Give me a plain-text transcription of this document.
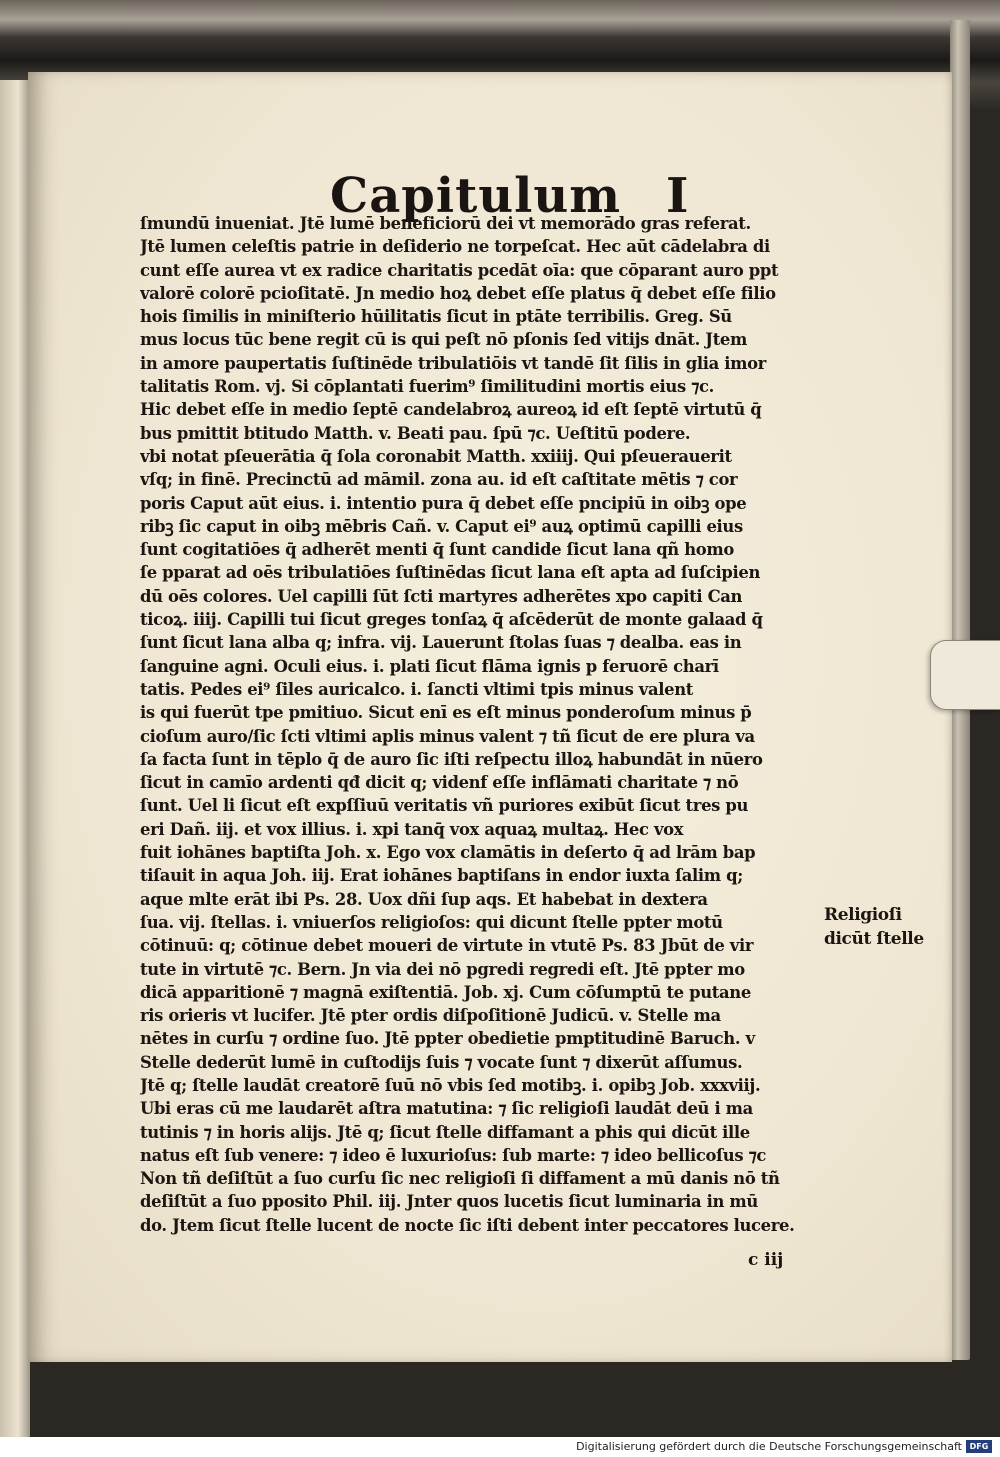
Capitulum I
ſmundū inueniat. Jtē lumē beneficiorū dei vt memorādo gras referat.
Jtē lumen celeſtis patrie in deſiderio ne torpeſcat. Hec aūt cādelabra di
cunt eſſe aurea vt ex radice charitatis pcedāt oīa: que cōparant auro ppt
valorē colorē pcioſitatē. Jn medio hoꝝ debet eſſe platus q̄ debet eſſe filio
hois ſimilis in miniſterio hūilitatis ſicut in ptāte terribilis. Greg. Sū
mus locus tūc bene regit cū is qui peſt nō pſonis ſed vitijs dnāt. Jtem
in amore paupertatis ſuſtinēde tribulatiōis vt tandē ſit ſilis in glia imor
talitatis Rom. vj. Si cōplantati fuerim⁹ ſimilitudini mortis eius ⁊c.
Hic debet eſſe in medio ſeptē candelabroꝝ aureoꝝ id eſt ſeptē virtutū q̄
bus pmittit btitudo Matth. v. Beati pau. ſpū ⁊c. Ueſtitū podere.
vbi notat pſeuerātia q̄ ſola coronabit Matth. xxiiij. Qui pſeuerauerit
vſq; in finē. Precinctū ad māmil. zona au. id eſt caſtitate mētis ⁊ cor
poris Caput aūt eius. i. intentio pura q̄ debet eſſe pncipiū in oibꝫ ope
ribꝫ ſic caput in oibꝫ mēbris Cañ. v. Caput ei⁹ auꝝ optimū capilli eius
ſunt cogitatiōes q̄ adherēt menti q̄ ſunt candide ſicut lana qñ homo
ſe pparat ad oēs tribulatiōes ſuſtinēdas ſicut lana eſt apta ad ſuſcipien
dū oēs colores. Uel capilli ſūt ſcti martyres adherētes xpo capiti Can
ticoꝝ. iiij. Capilli tui ſicut greges tonſaꝝ q̄ aſcēderūt de monte galaad q̄
ſunt ſicut lana alba q; infra. vij. Lauerunt ſtolas ſuas ⁊ dealba. eas in
ſanguine agni. Oculi eius. i. plati ſicut flāma ignis p feruorē charī
tatis. Pedes ei⁹ ſiles auricalco. i. ſancti vltimi tpis minus valent
is qui fuerūt tpe pmitiuo. Sicut enī es eſt minus ponderoſum minus p̄
cioſum auro/ſic ſcti vltimi aplis minus valent ⁊ tñ ſicut de ere plura va
ſa facta ſunt in tēplo q̄ de auro ſic iſti reſpectu illoꝝ habundāt in nūero
ſicut in camīo ardenti qđ dicit q; videnf eſſe inflāmati charitate ⁊ nō
ſunt. Uel li ſicut eſt expſſiuū veritatis vñ puriores exibūt ſicut tres pu
eri Dañ. iij. et vox illius. i. xpi tanq̄ vox aquaꝝ multaꝝ. Hec vox
fuit iohānes baptiſta Joh. x. Ego vox clamātis in deſerto q̄ ad lrām bap
tiſauit in aqua Joh. iij. Erat iohānes baptiſans in endor iuxta ſalim q;
aque mlte erāt ibi Ps. 28. Uox dñi ſup aqs. Et habebat in dextera
ſua. vij. ſtellas. i. vniuerſos religioſos: qui dicunt ſtelle ppter motū
cōtinuū: q; cōtinue debet moueri de virtute in vtutē Ps. 83 Jbūt de vir
tute in virtutē ⁊c. Bern. Jn via dei nō pgredi regredi eſt. Jtē ppter mo
dicā apparitionē ⁊ magnā exiſtentiā. Job. xj. Cum cōſumptū te putane
ris orieris vt lucifer. Jtē pter ordis diſpoſitionē Judicū. v. Stelle ma
nētes in curſu ⁊ ordine ſuo. Jtē ppter obedietie pmptitudinē Baruch. v
Stelle dederūt lumē in cuſtodijs ſuis ⁊ vocate ſunt ⁊ dixerūt aſſumus.
Jtē q; ſtelle laudāt creatorē ſuū nō vbis ſed motibꝫ. i. opibꝫ Job. xxxviij.
Ubi eras cū me laudarēt aſtra matutina: ⁊ ſic religioſi laudāt deū i ma
tutinis ⁊ in horis alijs. Jtē q; ſicut ſtelle diffamant a phis qui dicūt ille
natus eſt ſub venere: ⁊ ideo ē luxurioſus: ſub marte: ⁊ ideo bellicoſus ⁊c
Non tñ deſiſtūt a ſuo curſu ſic nec religioſi ſi diffament a mū danis nō tñ
deſiſtūt a ſuo pposito Phil. iij. Jnter quos lucetis ſicut luminaria in mū
do. Jtem ſicut ſtelle lucent de nocte ſic iſti debent inter peccatores lucere.
Religioſi
dicūt ſtelle
c iij
Digitalisierung gefördert durch die Deutsche Forschungsgemeinschaft DFG
